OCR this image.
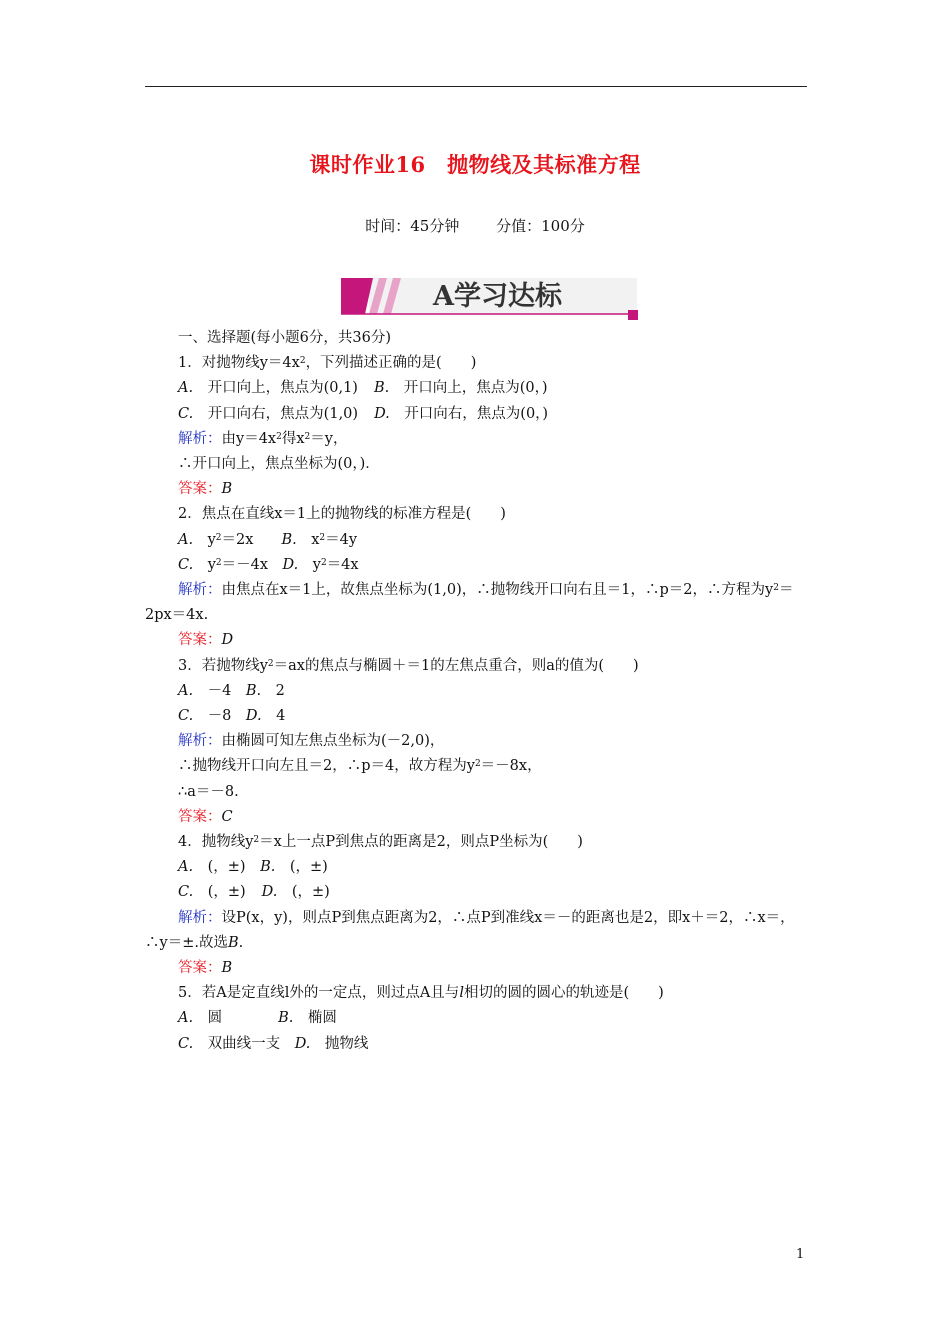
课时作业16　抛物线及其标准方程
时间：45分钟 分值：100分
A学习达标
一、选择题(每小题6分，共36分)
1．对抛物线$y=4x^2$，下列描述正确的是(　　)
A.　 开口向上，焦点为(0,1) B.　 开口向上，焦点为(0，)
C.　 开口向右，焦点为(1,0) D.　 开口向右，焦点为(0，)
解析：由$y=4x^2$得$x^2=y$，
∴开口向上，焦点坐标为(0，)．
答案：B
2．焦点在直线x＝1上的抛物线的标准方程是(　　)
A.　 $y^2=2x$ B.　 $x^2=4y$
C.　 $y^2=-4x$　 D.　 $y^2=4x$
解析：由焦点在x＝1上，故焦点坐标为(1,0)，∴抛物线开口向右且＝1，∴p＝2，∴方程为$y^2=2px=4x$.
答案：D
3．若抛物线$y^2=ax$的焦点与椭圆＋＝1的左焦点重合，则a的值为(　　)
A.　 －4　 B.　 2
C.　 －8　 D.　 4
解析：由椭圆可知左焦点坐标为(－2,0)，
∴抛物线开口向左且＝2，∴p＝4，故方程为$y^2=-8x$，
∴a＝－8.
答案：C
4．抛物线$y^2=x$上一点P到焦点的距离是2，则点P坐标为(　　)
A.　 (，±)　 B.　 (，±)
C.　 (，±) D.　 (，±)
解析：设P(x，y)，则点P到焦点距离为2，∴点P到准线x＝－的距离也是2，即x＋＝2，∴x＝，∴y＝±.故选B.
答案：B
5．若A是定直线l外的一定点，则过点A且与l相切的圆的圆心的轨迹是(　　)
A.　 圆	B.　 椭圆
C.　 双曲线一支　 D.　 抛物线
1
